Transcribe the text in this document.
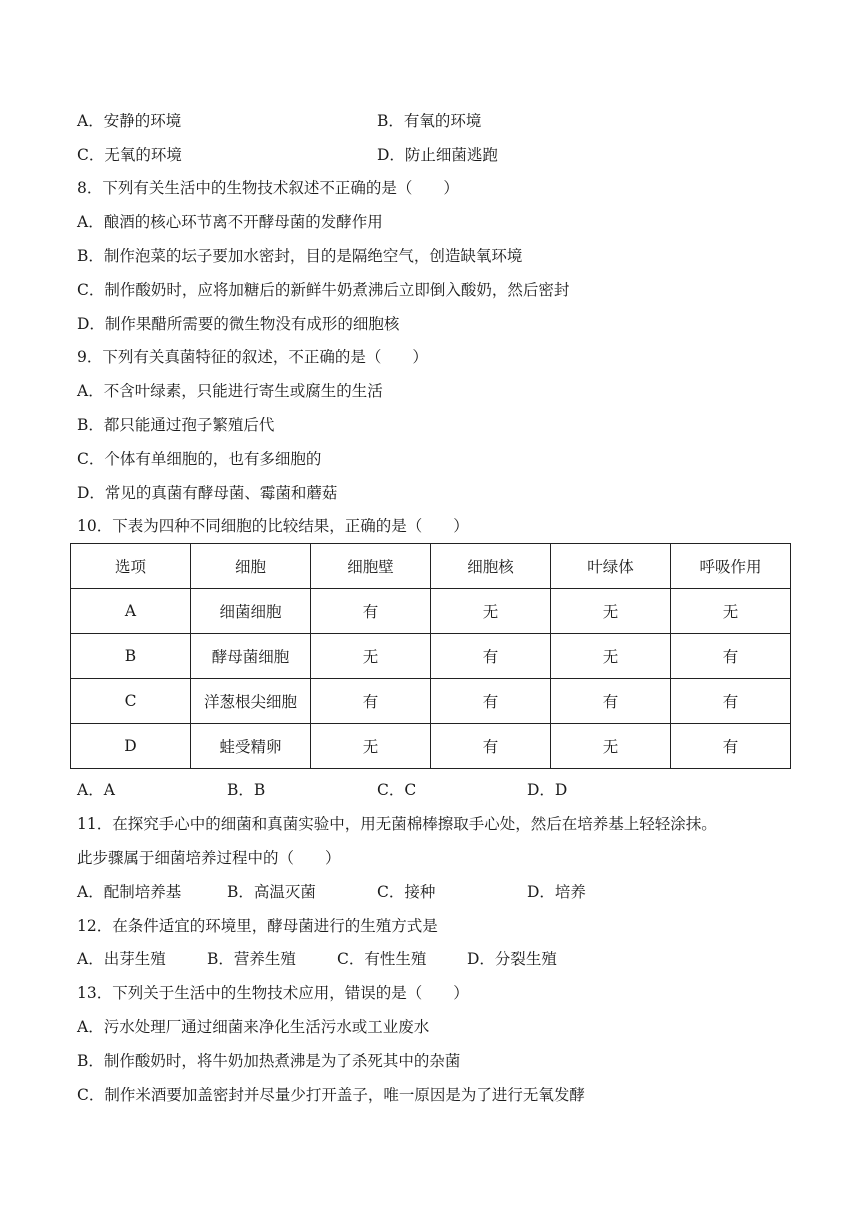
A．安静的环境	B．有氧的环境
C．无氧的环境	D．防止细菌逃跑
8．下列有关生活中的生物技术叙述不正确的是（　　）
A．酿酒的核心环节离不开酵母菌的发酵作用
B．制作泡菜的坛子要加水密封，目的是隔绝空气，创造缺氧环境
C．制作酸奶时，应将加糖后的新鲜牛奶煮沸后立即倒入酸奶，然后密封
D．制作果醋所需要的微生物没有成形的细胞核
9．下列有关真菌特征的叙述，不正确的是（　　）
A．不含叶绿素，只能进行寄生或腐生的生活
B．都只能通过孢子繁殖后代
C．个体有单细胞的，也有多细胞的
D．常见的真菌有酵母菌、霉菌和蘑菇
10．下表为四种不同细胞的比较结果，正确的是（　　）
选项	细胞	细胞壁	细胞核	叶绿体	呼吸作用
A	细菌细胞	有	无	无	无
B	酵母菌细胞	无	有	无	有
C	洋葱根尖细胞	有	有	有	有
D	蛙受精卵	无	有	无	有
A．A	B．B	C．C	D．D
11．在探究手心中的细菌和真菌实验中，用无菌棉棒擦取手心处，然后在培养基上轻轻涂抹。
此步骤属于细菌培养过程中的（　　）
A．配制培养基	B．高温灭菌	C．接种	D．培养
12．在条件适宜的环境里，酵母菌进行的生殖方式是
A．出芽生殖	B．营养生殖	C．有性生殖	D．分裂生殖
13．下列关于生活中的生物技术应用，错误的是（　　）
A．污水处理厂通过细菌来净化生活污水或工业废水
B．制作酸奶时，将牛奶加热煮沸是为了杀死其中的杂菌
C．制作米酒要加盖密封并尽量少打开盖子，唯一原因是为了进行无氧发酵
